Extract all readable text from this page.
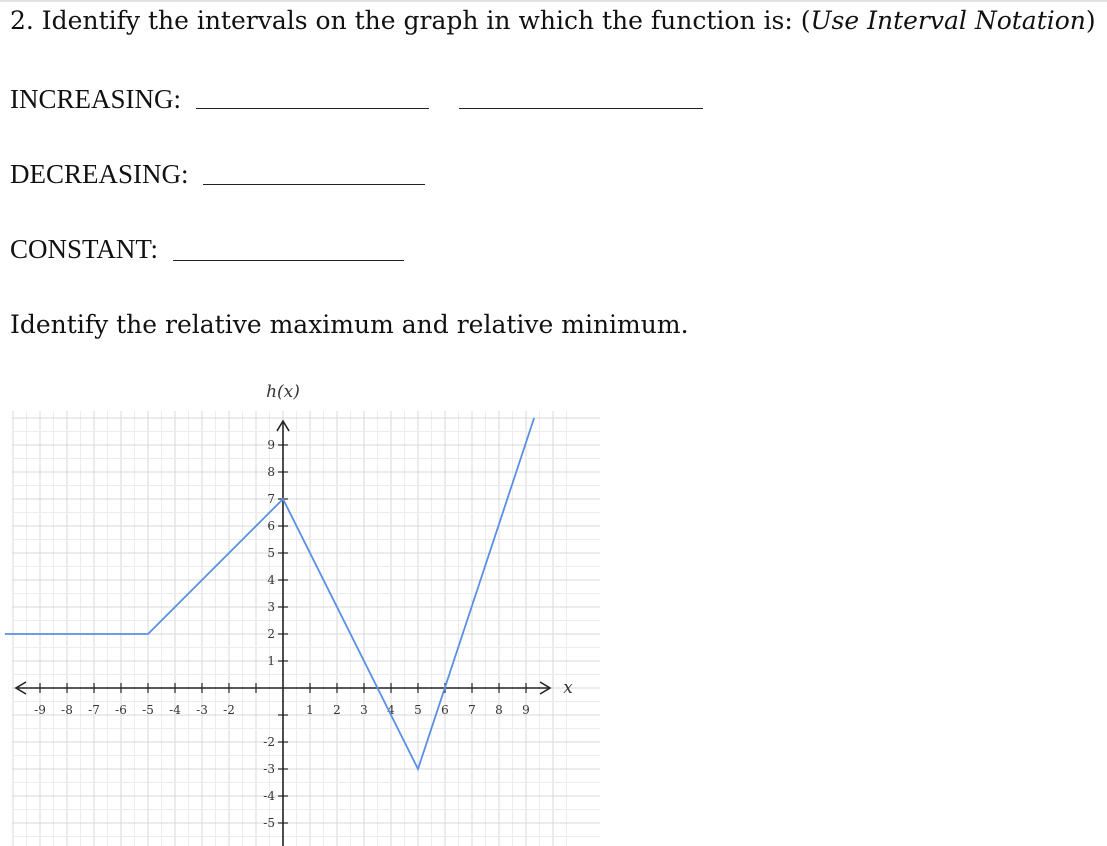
2. Identify the intervals on the graph in which the function is: (Use Interval Notation)
INCREASING:
DECREASING:
CONSTANT:
Identify the relative maximum and relative minimum.
-9 -8 -7 -6 -5 -4 -3 -2	1 2 3 4 5 6 7 8 9
9
8
7
6
5
4
3
2
1
-2
-3
-4
-5
h(x)
x
